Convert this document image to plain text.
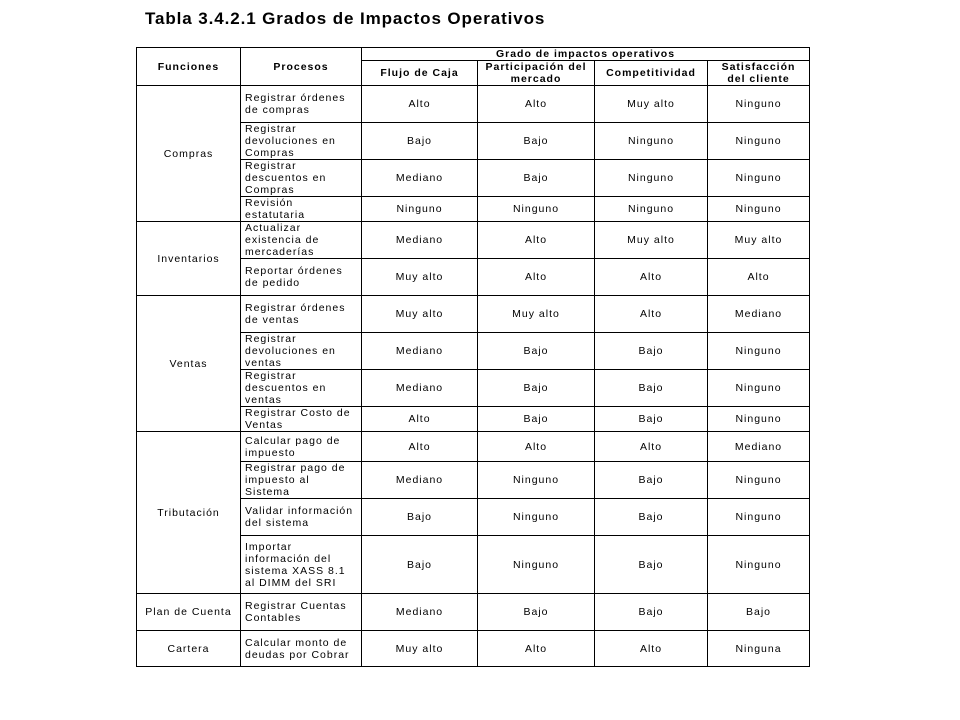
Tabla 3.4.2.1 Grados de Impactos Operativos
Funciones	Procesos	Grado de impactos operativos			
		Flujo de Caja	Participación del mercado	Competitividad	Satisfacción del cliente
Compras	Registrar órdenes de compras	Alto	Alto	Muy alto	Ninguno
	Registrar devoluciones en Compras	Bajo	Bajo	Ninguno	Ninguno
	Registrar descuentos en Compras	Mediano	Bajo	Ninguno	Ninguno
	Revisión estatutaria	Ninguno	Ninguno	Ninguno	Ninguno
Inventarios	Actualizar existencia de mercaderías	Mediano	Alto	Muy alto	Muy alto
	Reportar órdenes de pedido	Muy alto	Alto	Alto	Alto
Ventas	Registrar órdenes de ventas	Muy alto	Muy alto	Alto	Mediano
	Registrar devoluciones en ventas	Mediano	Bajo	Bajo	Ninguno
	Registrar descuentos en ventas	Mediano	Bajo	Bajo	Ninguno
	Registrar Costo de Ventas	Alto	Bajo	Bajo	Ninguno
Tributación	Calcular pago de impuesto	Alto	Alto	Alto	Mediano
	Registrar pago de impuesto al Sistema	Mediano	Ninguno	Bajo	Ninguno
	Validar información del sistema	Bajo	Ninguno	Bajo	Ninguno
	Importar información del sistema XASS 8.1 al DIMM del SRI	Bajo	Ninguno	Bajo	Ninguno
Plan de Cuenta	Registrar Cuentas Contables	Mediano	Bajo	Bajo	Bajo
Cartera	Calcular monto de deudas por Cobrar	Muy alto	Alto	Alto	Ninguna
